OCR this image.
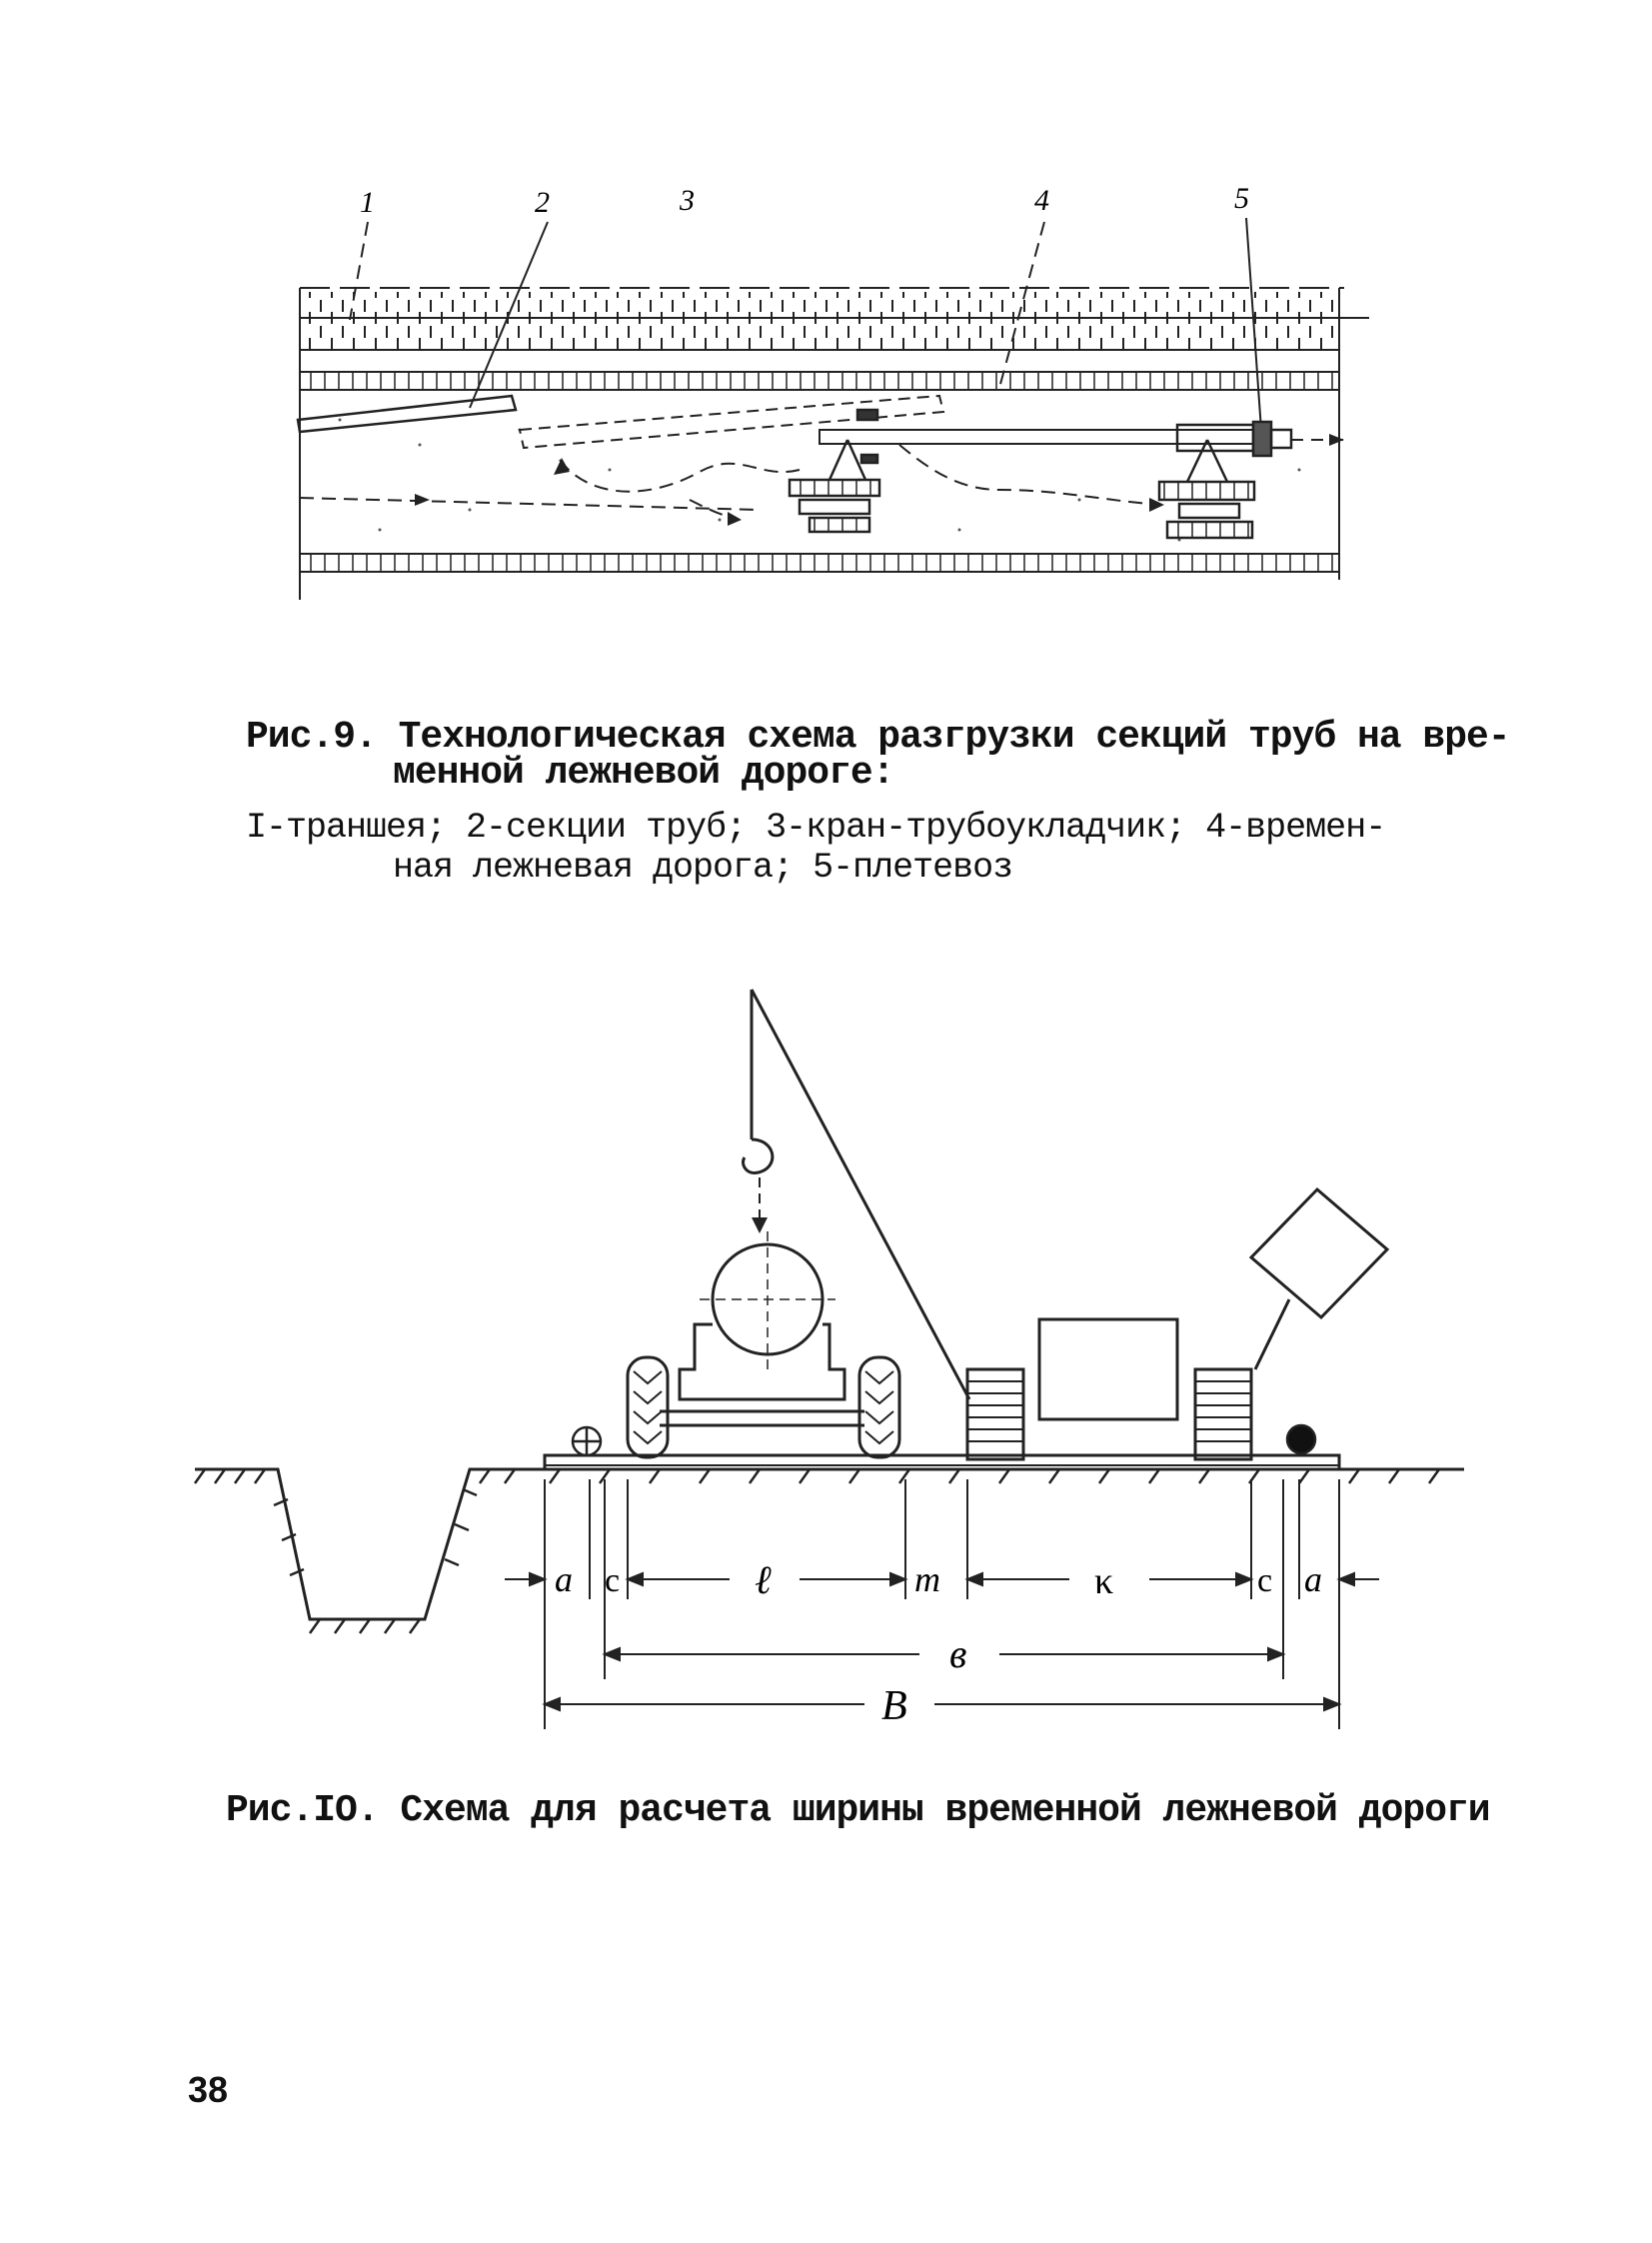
1	2	3	4	5
Рис.9. Технологическая схема разгрузки секций труб на вре-
менной лежневой дороге:
I-траншея; 2-секции труб; 3-кран-трубоукладчик; 4-времен-
ная лежневая дорога; 5-плетевоз
a c	ℓ	m	κ	c a
в
B
Рис.IO. Схема для расчета ширины временной лежневой дороги
38
